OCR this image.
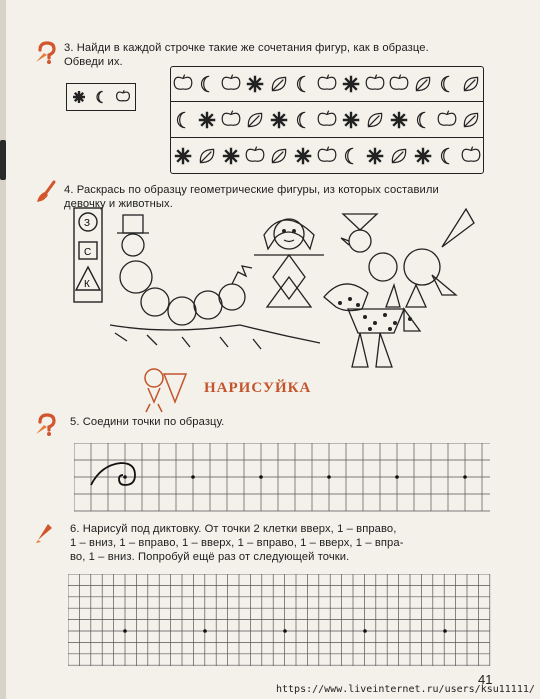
3. Найди в каждой строчке такие же сочетания фигур, как в образце.
Обведи их.
4. Раскрась по образцу геометрические фигуры, из которых составили
девочку и животных.
З
С
К
НАРИСУЙКА
5. Соедини точки по образцу.
6. Нарисуй под диктовку. От точки 2 клетки вверх, 1 – вправо,
1 – вниз, 1 – вправо, 1 – вверх, 1 – вправо, 1 – вверх, 1 – впра-
во, 1 – вниз. Попробуй ещё раз от следующей точки.
41
https://www.liveinternet.ru/users/ksu11111/
